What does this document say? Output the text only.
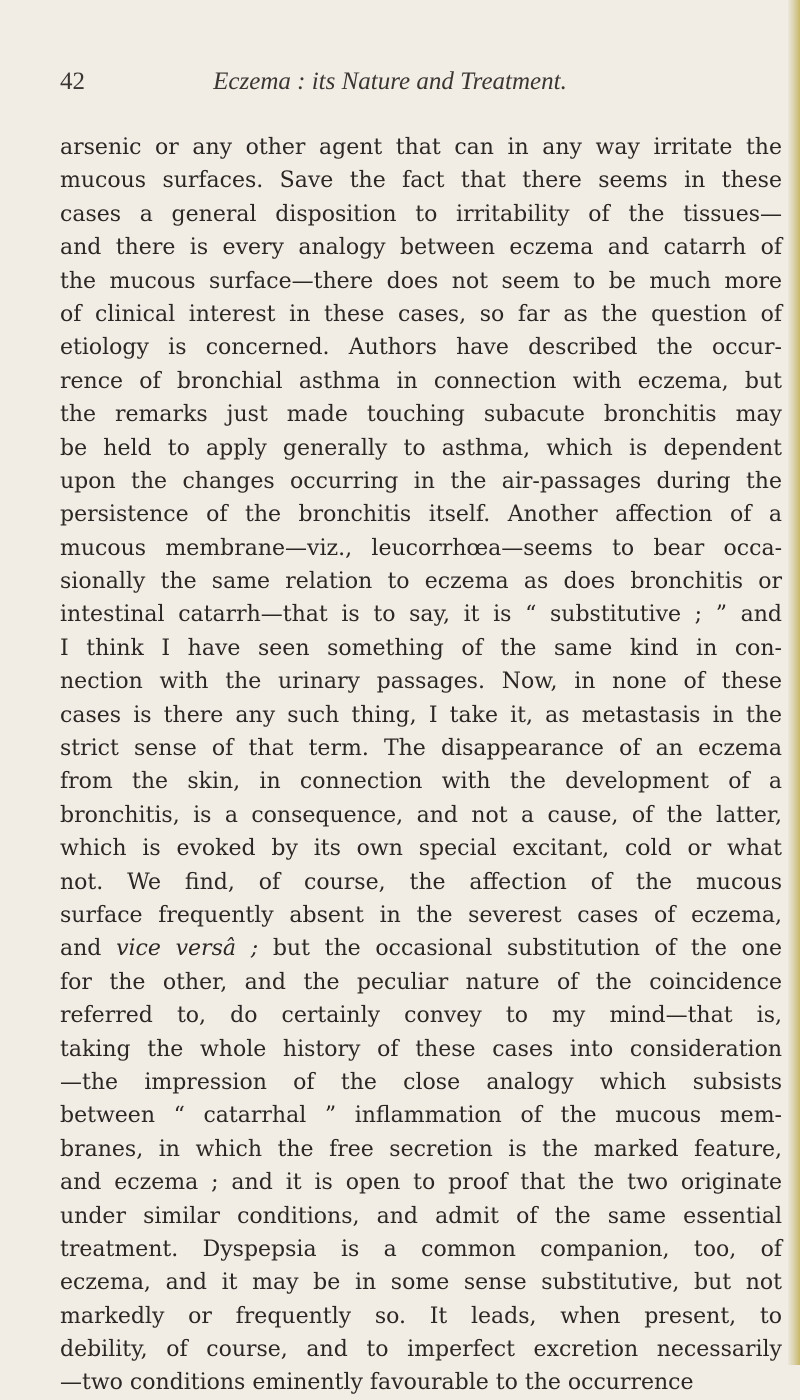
42	Eczema : its Nature and Treatment.
arsenic or any other agent that can in any way irritate the
mucous surfaces. Save the fact that there seems in these
cases a general disposition to irritability of the tissues—
and there is every analogy between eczema and catarrh of
the mucous surface—there does not seem to be much more
of clinical interest in these cases, so far as the question of
etiology is concerned. Authors have described the occur-
rence of bronchial asthma in connection with eczema, but
the remarks just made touching subacute bronchitis may
be held to apply generally to asthma, which is dependent
upon the changes occurring in the air-passages during the
persistence of the bronchitis itself. Another affection of a
mucous membrane—viz., leucorrhœa—seems to bear occa-
sionally the same relation to eczema as does bronchitis or
intestinal catarrh—that is to say, it is “ substitutive ; ” and
I think I have seen something of the same kind in con-
nection with the urinary passages. Now, in none of these
cases is there any such thing, I take it, as metastasis in the
strict sense of that term. The disappearance of an eczema
from the skin, in connection with the development of a
bronchitis, is a consequence, and not a cause, of the latter,
which is evoked by its own special excitant, cold or what
not. We find, of course, the affection of the mucous
surface frequently absent in the severest cases of eczema,
and vice versâ ; but the occasional substitution of the one
for the other, and the peculiar nature of the coincidence
referred to, do certainly convey to my mind—that is,
taking the whole history of these cases into consideration
—the impression of the close analogy which subsists
between “ catarrhal ” inflammation of the mucous mem-
branes, in which the free secretion is the marked feature,
and eczema ; and it is open to proof that the two originate
under similar conditions, and admit of the same essential
treatment. Dyspepsia is a common companion, too, of
eczema, and it may be in some sense substitutive, but not
markedly or frequently so. It leads, when present, to
debility, of course, and to imperfect excretion necessarily
—two conditions eminently favourable to the occurrence
